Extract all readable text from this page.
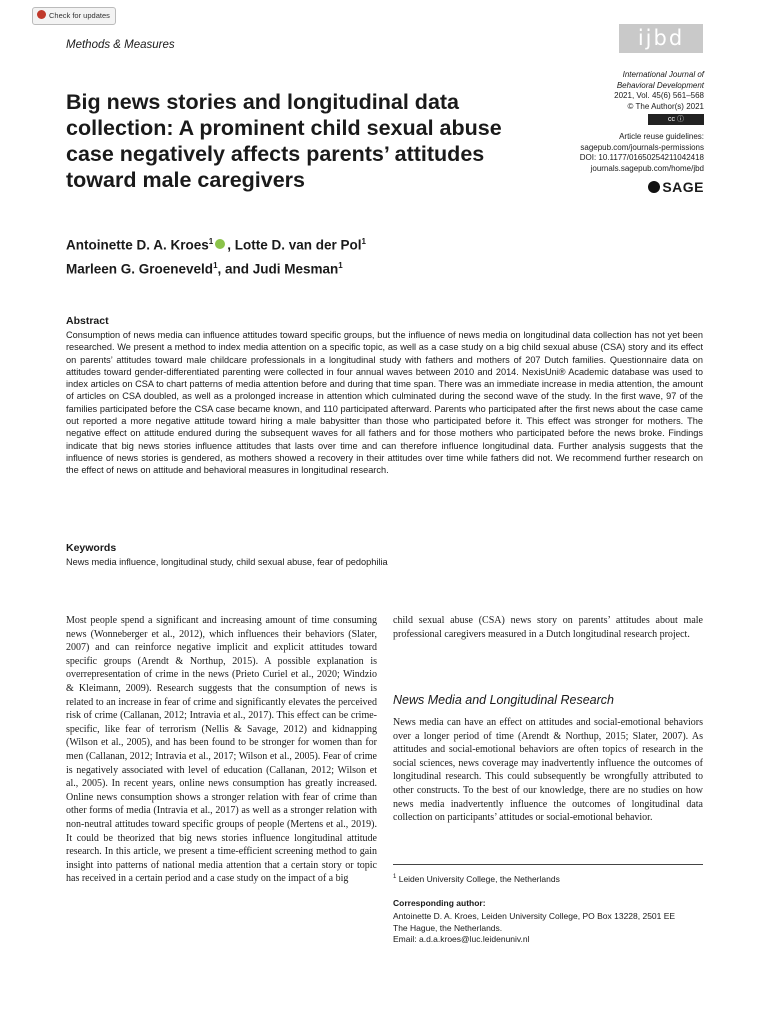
Check for updates
Methods & Measures	ijbd
International Journal of
Behavioral Development
2021, Vol. 45(6) 561–568
© The Author(s) 2021
cc ⓘ
Article reuse guidelines:
sagepub.com/journals-permissions
DOI: 10.1177/01650254211042418
journals.sagepub.com/home/jbd
SAGE
Big news stories and longitudinal data collection: A prominent child sexual abuse case negatively affects parents’ attitudes toward male caregivers
Antoinette D. A. Kroes$^1$ , Lotte D. van der Pol$^1$
Marleen G. Groeneveld$^1$, and Judi Mesman$^1$
Abstract
Consumption of news media can influence attitudes toward specific groups, but the influence of news media on longitudinal data collection has not yet been researched. We present a method to index media attention on a specific topic, as well as a case study on a big child sexual abuse (CSA) story and its effect on parents’ attitudes toward male childcare professionals in a longitudinal study with fathers and mothers of 207 Dutch families. Questionnaire data on attitudes toward gender-differentiated parenting were collected in four annual waves between 2010 and 2014. NexisUni® Academic database was used to index articles on CSA to chart patterns of media attention before and during that time span. There was an immediate increase in media attention, the amount of articles on CSA doubled, as well as a prolonged increase in attention which culminated during the second wave of the study. In the first wave, 97 of the families participated before the CSA case became known, and 110 participated afterward. Parents who participated after the first news about the case came out reported a more negative attitude toward hiring a male babysitter than those who participated before it. This effect was stronger for mothers. The negative effect on attitude endured during the subsequent waves for all fathers and for those mothers who participated before the news broke. Findings indicate that big news stories influence attitudes that lasts over time and can therefore influence longitudinal data. Further analysis suggests that the influence of news stories is gendered, as mothers showed a recovery in their attitudes over time while fathers did not. We recommend further research on the effect of news on attitude and behavioral measures in longitudinal research.
Keywords
News media influence, longitudinal study, child sexual abuse, fear of pedophilia
Most people spend a significant and increasing amount of time consuming news (Wonneberger et al., 2012), which influences their behaviors (Slater, 2007) and can reinforce negative implicit and explicit attitudes toward specific groups (Arendt & Northup, 2015). A possible explanation is overrepresentation of crime in the news (Prieto Curiel et al., 2020; Windzio & Kleimann, 2009). Research suggests that the consumption of news is related to an increase in fear of crime and significantly elevates the perceived risk of crime (Callanan, 2012; Intravia et al., 2017). This effect can be crime-specific, like fear of terrorism (Nellis & Savage, 2012) and kidnapping (Wilson et al., 2005), and has been found to be stronger for women than for men (Callanan, 2012; Intravia et al., 2017; Wilson et al., 2005). Fear of crime is negatively associated with level of education (Callanan, 2012; Wilson et al., 2005). In recent years, online news consumption has greatly increased. Online news consumption shows a stronger relation with fear of crime than other forms of media (Intravia et al., 2017) as well as a stronger relation with non-neutral attitudes toward specific groups of people (Mertens et al., 2019). It could be theorized that big news stories influence longitudinal attitude research. In this article, we present a time-efficient screening method to gain insight into patterns of national media attention that a certain story or topic has received in a certain period and a case study on the impact of a big
child sexual abuse (CSA) news story on parents’ attitudes about male professional caregivers measured in a Dutch longitudinal research project.
News Media and Longitudinal Research
News media can have an effect on attitudes and social-emotional behaviors over a longer period of time (Arendt & Northup, 2015; Slater, 2007). As attitudes and social-emotional behaviors are often topics of research in the social sciences, news coverage may inadvertently influence the outcomes of longitudinal research. This could subsequently be wrongfully attributed to other constructs. To the best of our knowledge, there are no studies on how news media inadvertently influence the outcomes of longitudinal data collection on participants’ attitudes or social-emotional behavior.
$^1$ Leiden University College, the Netherlands
Corresponding author:
Antoinette D. A. Kroes, Leiden University College, PO Box 13228, 2501 EE
The Hague, the Netherlands.
Email: a.d.a.kroes@luc.leidenuniv.nl
